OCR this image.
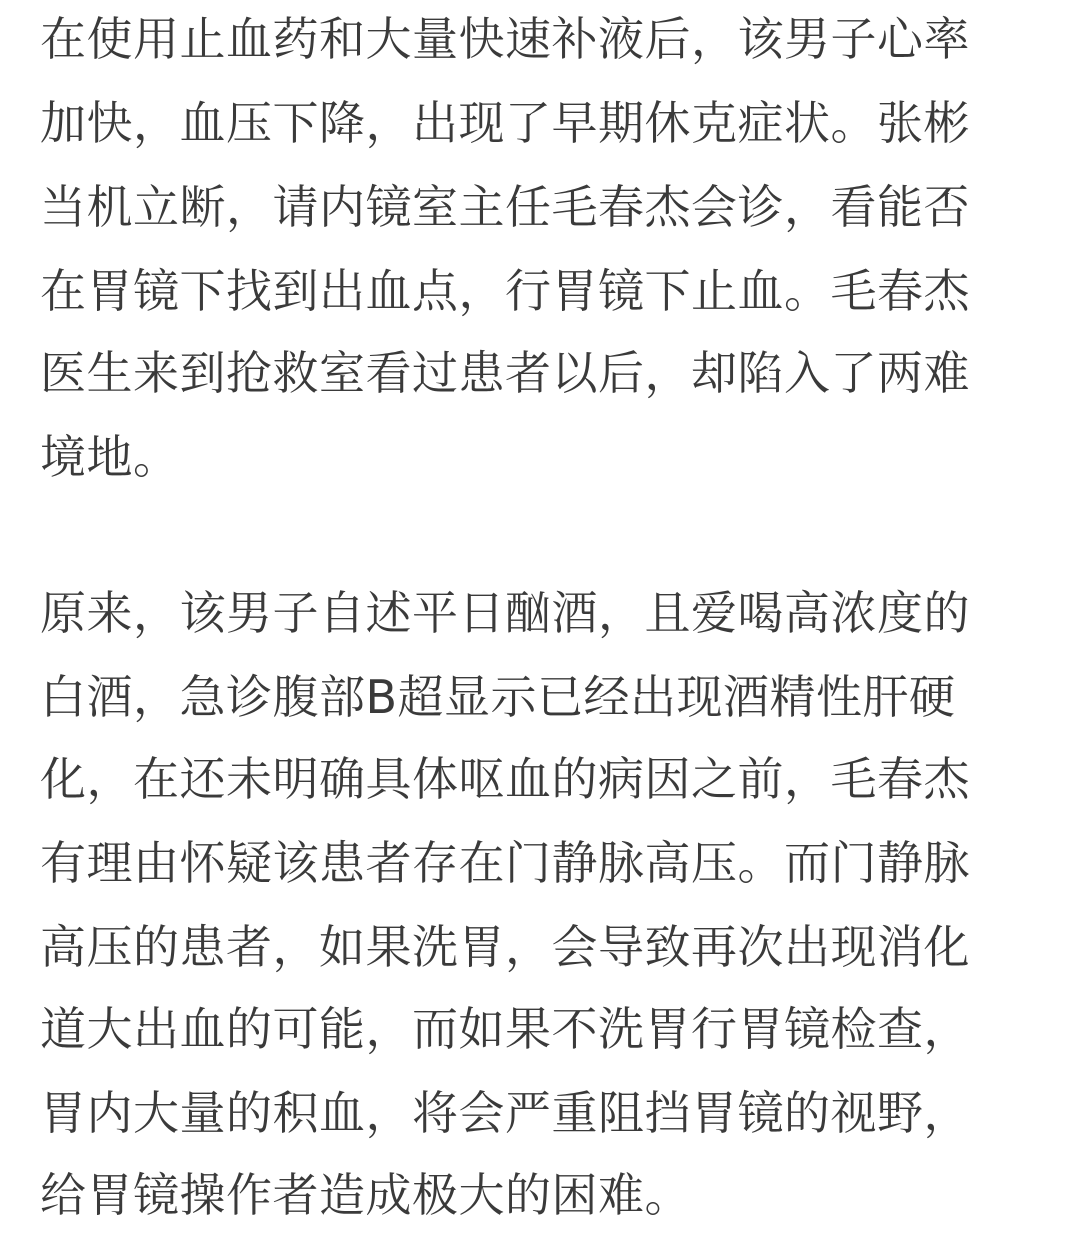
在使用止血药和大量快速补液后，该男子心率
加快，血压下降，出现了早期休克症状。张彬
当机立断，请内镜室主任毛春杰会诊，看能否
在胃镜下找到出血点，行胃镜下止血。毛春杰
医生来到抢救室看过患者以后，却陷入了两难
境地。
原来，该男子自述平日酗酒，且爱喝高浓度的
白酒，急诊腹部B超显示已经出现酒精性肝硬
化，在还未明确具体呕血的病因之前，毛春杰
有理由怀疑该患者存在门静脉高压。而门静脉
高压的患者，如果洗胃，会导致再次出现消化
道大出血的可能，而如果不洗胃行胃镜检查，
胃内大量的积血，将会严重阻挡胃镜的视野，
给胃镜操作者造成极大的困难。
